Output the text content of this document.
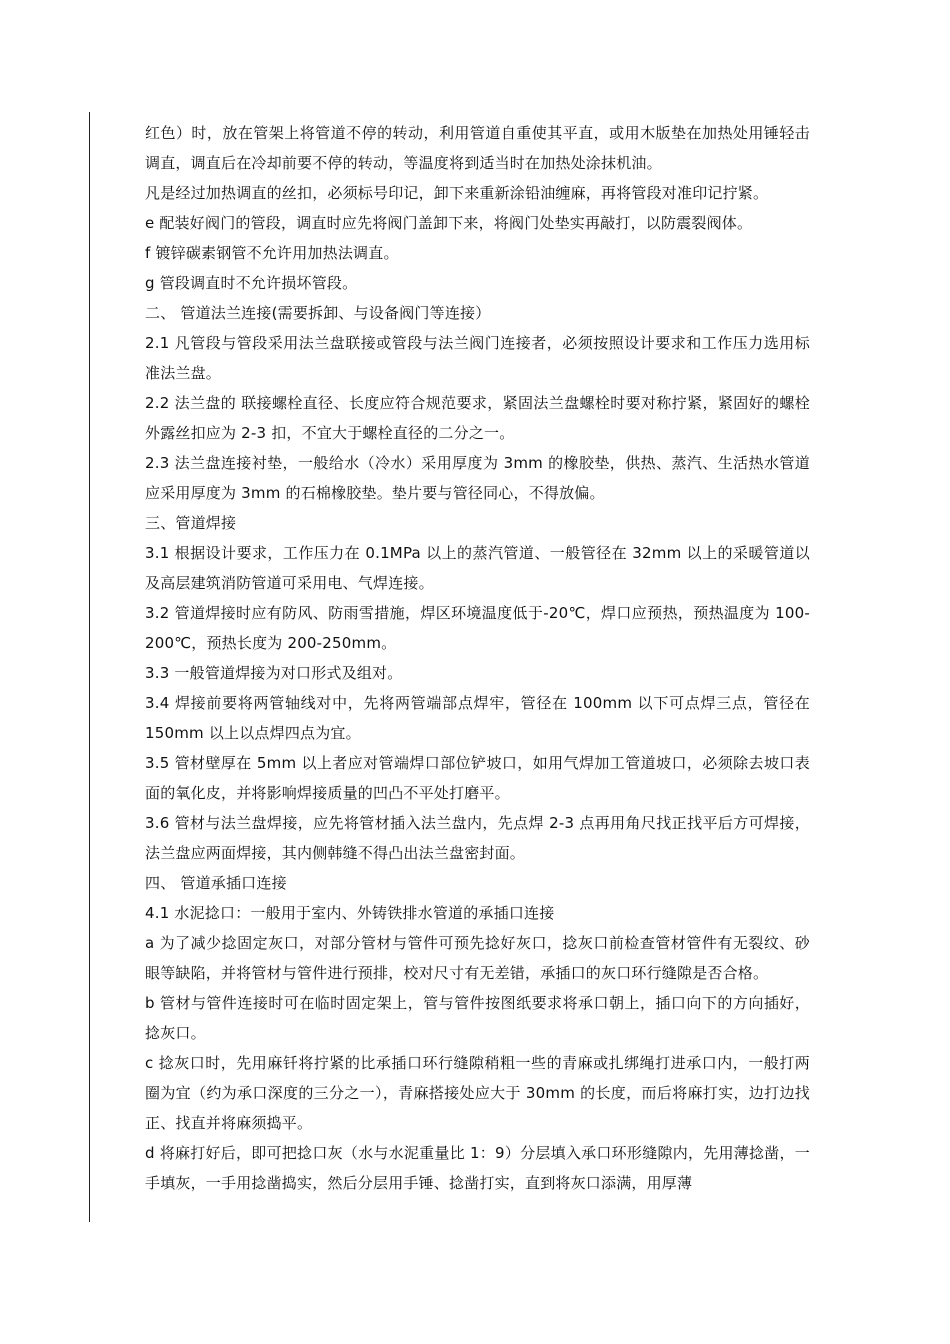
红色）时，放在管架上将管道不停的转动，利用管道自重使其平直，或用木版垫在加热处用锤轻击调直，调直后在冷却前要不停的转动，等温度将到适当时在加热处涂抹机油。

凡是经过加热调直的丝扣，必须标号印记，卸下来重新涂铅油缠麻，再将管段对准印记拧紧。

e 配装好阀门的管段，调直时应先将阀门盖卸下来，将阀门处垫实再敲打，以防震裂阀体。

f 镀锌碳素钢管不允许用加热法调直。

g 管段调直时不允许损坏管段。

二、 管道法兰连接(需要拆卸、与设备阀门等连接）

2.1 凡管段与管段采用法兰盘联接或管段与法兰阀门连接者，必须按照设计要求和工作压力选用标准法兰盘。

2.2 法兰盘的 联接螺栓直径、长度应符合规范要求，紧固法兰盘螺栓时要对称拧紧，紧固好的螺栓外露丝扣应为 2-3 扣，不宜大于螺栓直径的二分之一。

2.3 法兰盘连接衬垫，一般给水（冷水）采用厚度为 3mm 的橡胶垫，供热、蒸汽、生活热水管道应采用厚度为 3mm 的石棉橡胶垫。垫片要与管径同心，不得放偏。

三、管道焊接

3.1 根据设计要求，工作压力在 0.1MPa 以上的蒸汽管道、一般管径在 32mm 以上的采暖管道以及高层建筑消防管道可采用电、气焊连接。

3.2 管道焊接时应有防风、防雨雪措施，焊区环境温度低于-20℃，焊口应预热，预热温度为 100-200℃，预热长度为 200-250mm。

3.3 一般管道焊接为对口形式及组对。

3.4 焊接前要将两管轴线对中，先将两管端部点焊牢，管径在 100mm 以下可点焊三点，管径在 150mm 以上以点焊四点为宜。

3.5 管材壁厚在 5mm 以上者应对管端焊口部位铲坡口，如用气焊加工管道坡口，必须除去坡口表面的氧化皮，并将影响焊接质量的凹凸不平处打磨平。

3.6 管材与法兰盘焊接，应先将管材插入法兰盘内，先点焊 2-3 点再用角尺找正找平后方可焊接，法兰盘应两面焊接，其内侧韩缝不得凸出法兰盘密封面。

四、 管道承插口连接

4.1 水泥捻口：一般用于室内、外铸铁排水管道的承插口连接

a 为了减少捻固定灰口，对部分管材与管件可预先捻好灰口，捻灰口前检查管材管件有无裂纹、砂眼等缺陷，并将管材与管件进行预排，校对尺寸有无差错，承插口的灰口环行缝隙是否合格。

b 管材与管件连接时可在临时固定架上，管与管件按图纸要求将承口朝上，插口向下的方向插好，捻灰口。

c 捻灰口时，先用麻钎将拧紧的比承插口环行缝隙稍粗一些的青麻或扎绑绳打进承口内，一般打两圈为宜（约为承口深度的三分之一），青麻搭接处应大于 30mm 的长度，而后将麻打实，边打边找正、找直并将麻须捣平。

d 将麻打好后，即可把捻口灰（水与水泥重量比 1：9）分层填入承口环形缝隙内，先用薄捻凿，一手填灰，一手用捻凿捣实，然后分层用手锤、捻凿打实，直到将灰口添满，用厚薄
